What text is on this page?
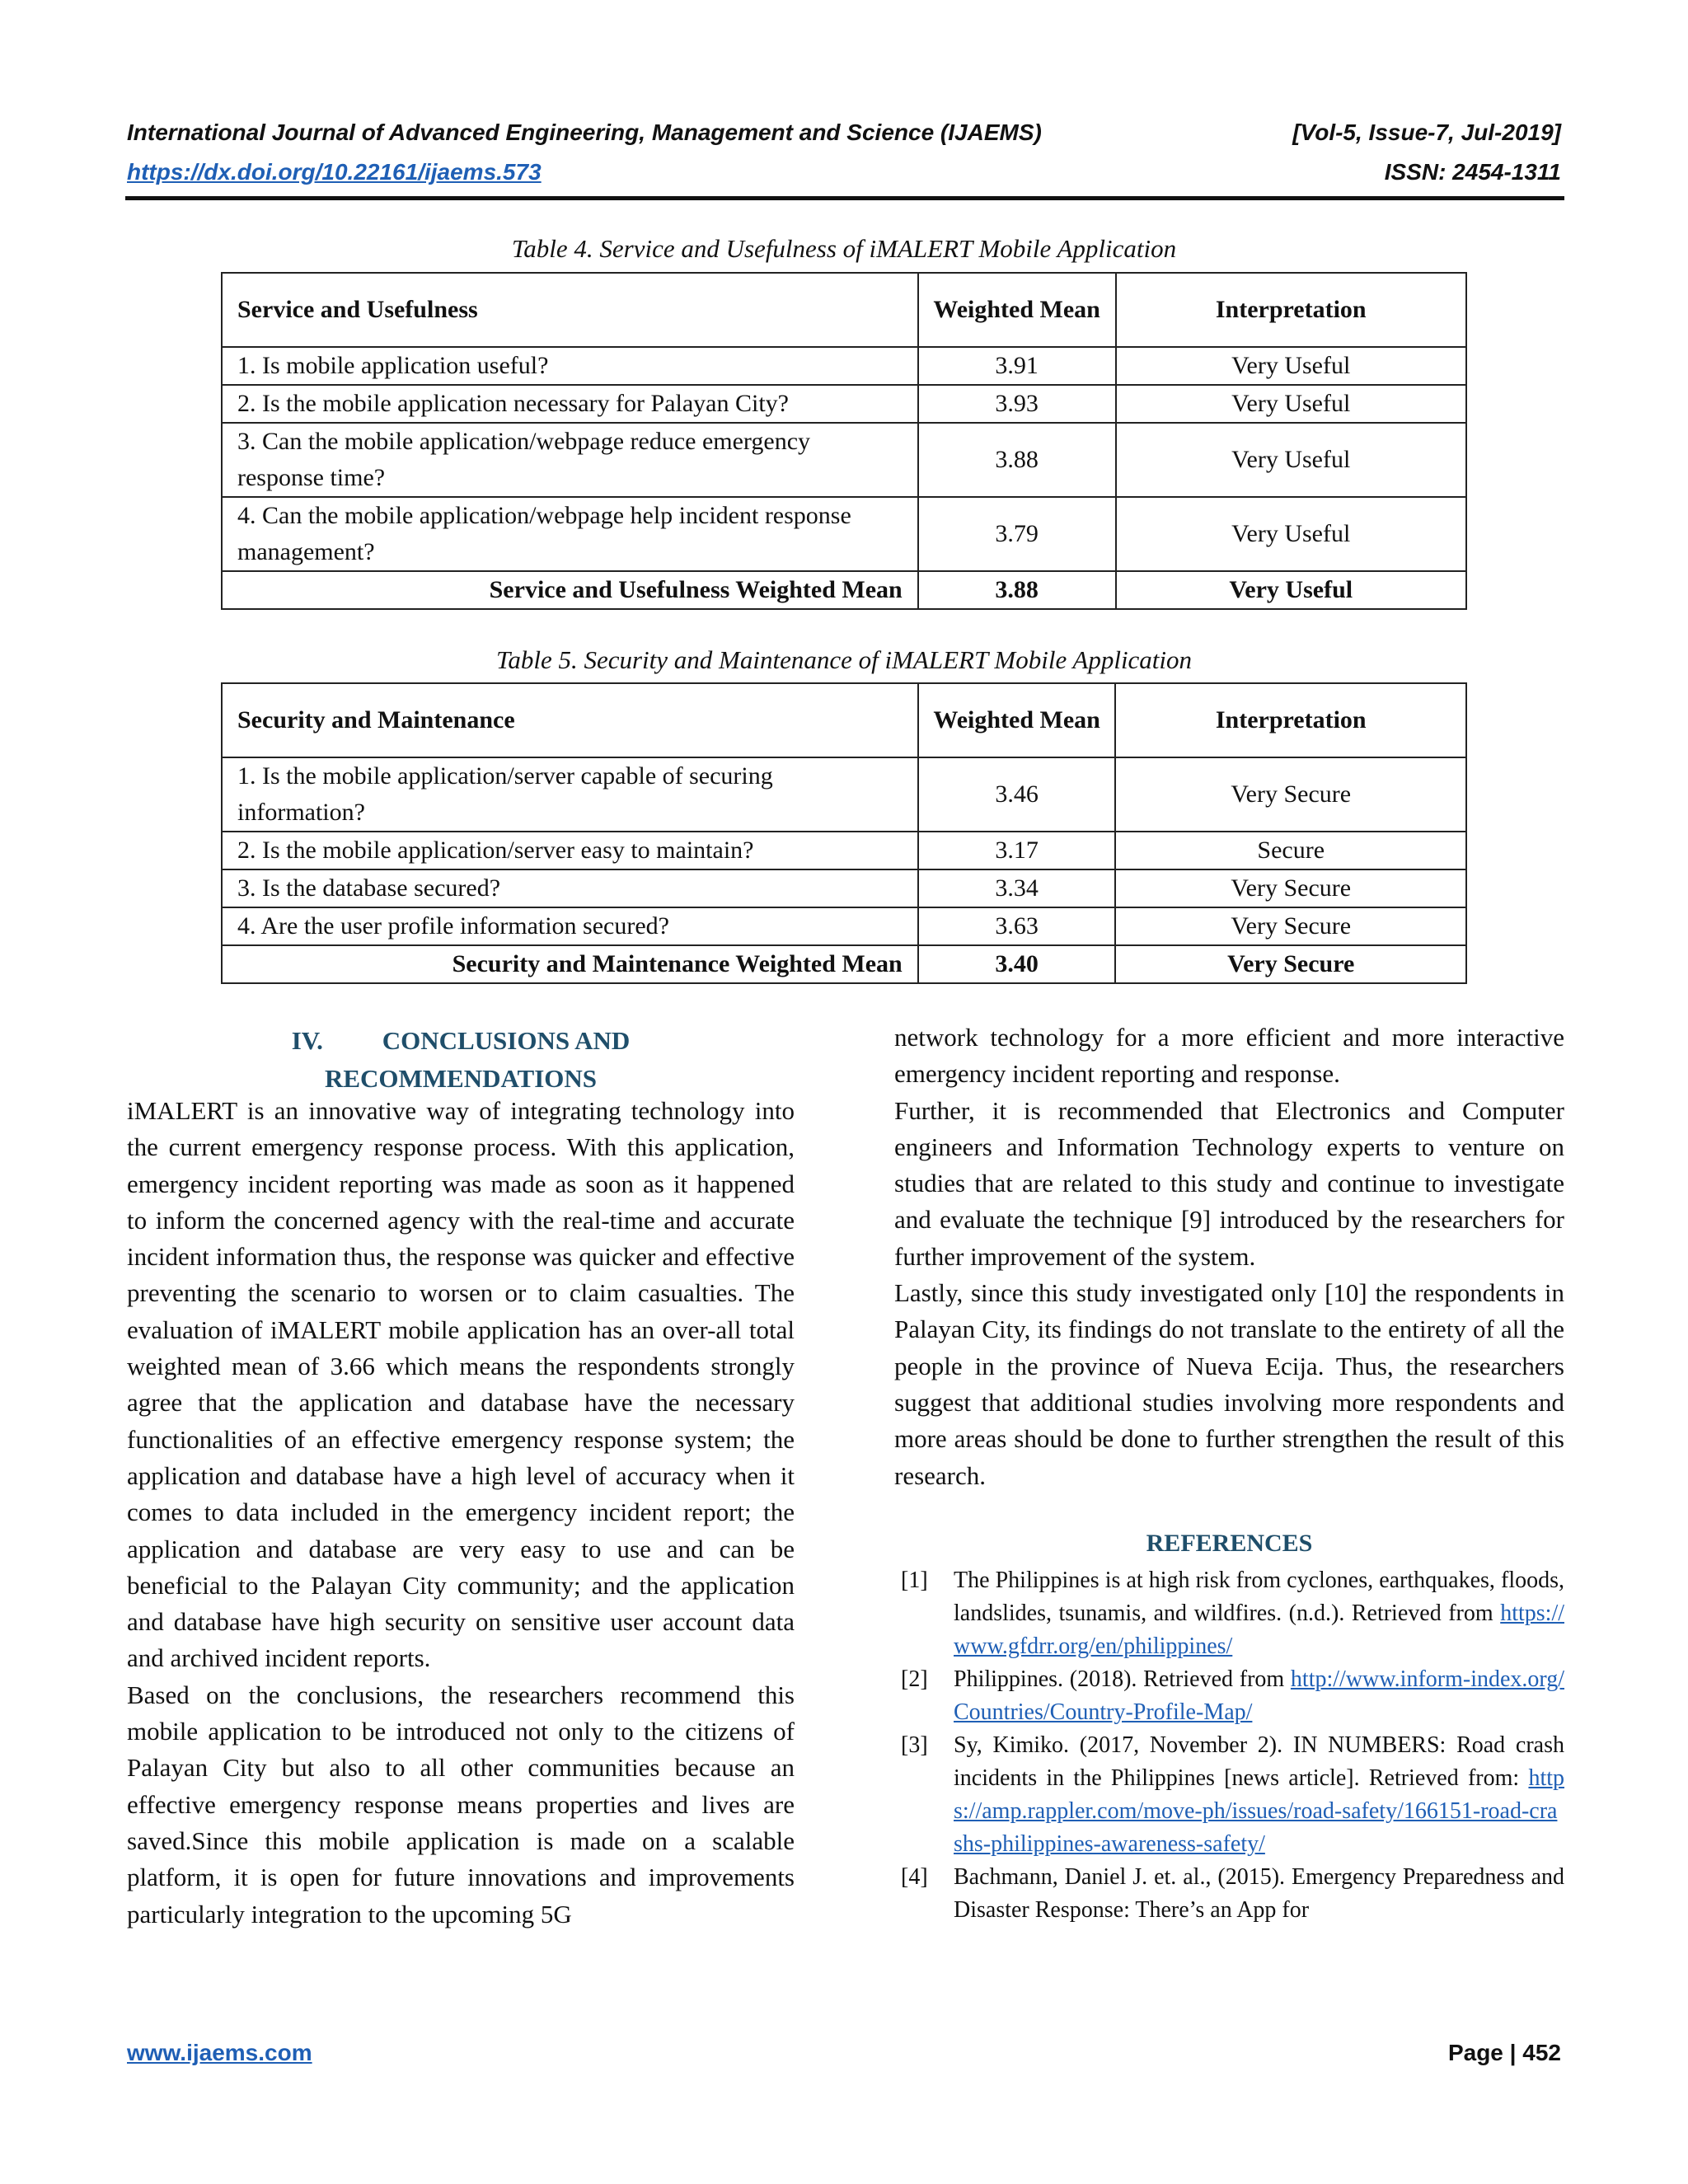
International Journal of Advanced Engineering, Management and Science (IJAEMS)	[Vol-5, Issue-7, Jul-2019]
https://dx.doi.org/10.22161/ijaems.573	ISSN: 2454-1311
Table 4. Service and Usefulness of iMALERT Mobile Application
Service and Usefulness	Weighted Mean	Interpretation
1. Is mobile application useful?	3.91	Very Useful
2. Is the mobile application necessary for Palayan City?	3.93	Very Useful
3. Can the mobile application/webpage reduce emergency response time?	3.88	Very Useful
4. Can the mobile application/webpage help incident response management?	3.79	Very Useful
Service and Usefulness Weighted Mean	3.88	Very Useful
Table 5. Security and Maintenance of iMALERT Mobile Application
Security and Maintenance	Weighted Mean	Interpretation
1. Is the mobile application/server capable of securing information?	3.46	Very Secure
2. Is the mobile application/server easy to maintain?	3.17	Secure
3. Is the database secured?	3.34	Very Secure
4. Are the user profile information secured?	3.63	Very Secure
Security and Maintenance Weighted Mean	3.40	Very Secure
IV. CONCLUSIONS AND
RECOMMENDATIONS

iMALERT is an innovative way of integrating technology into the current emergency response process. With this application, emergency incident reporting was made as soon as it happened to inform the concerned agency with the real-time and accurate incident information thus, the response was quicker and effective preventing the scenario to worsen or to claim casualties. The evaluation of iMALERT mobile application has an over-all total weighted mean of 3.66 which means the respondents strongly agree that the application and database have the necessary functionalities of an effective emergency response system; the application and database have a high level of accuracy when it comes to data included in the emergency incident report; the application and database are very easy to use and can be beneficial to the Palayan City community; and the application and database have high security on sensitive user account data and archived incident reports.

Based on the conclusions, the researchers recommend this mobile application to be introduced not only to the citizens of Palayan City but also to all other communities because an effective emergency response means properties and lives are saved.Since this mobile application is made on a scalable platform, it is open for future innovations and improvements particularly integration to the upcoming 5G

network technology for a more efficient and more interactive emergency incident reporting and response.

Further, it is recommended that Electronics and Computer engineers and Information Technology experts to venture on studies that are related to this study and continue to investigate and evaluate the technique [9] introduced by the researchers for further improvement of the system.

Lastly, since this study investigated only [10] the respondents in Palayan City, its findings do not translate to the entirety of all the people in the province of Nueva Ecija. Thus, the researchers suggest that additional studies involving more respondents and more areas should be done to further strengthen the result of this research.

REFERENCES
[1] The Philippines is at high risk from cyclones, earthquakes, floods, landslides, tsunamis, and wildfires. (n.d.). Retrieved from https://www.gfdrr.org/en/philippines/
[2] Philippines. (2018). Retrieved from http://www.inform-index.org/Countries/Country-Profile-Map/
[3] Sy, Kimiko. (2017, November 2). IN NUMBERS: Road crash incidents in the Philippines [news article]. Retrieved from: https://amp.rappler.com/move-ph/issues/road-safety/166151-road-crashs-philippines-awareness-safety/
[4] Bachmann, Daniel J. et. al., (2015). Emergency Preparedness and Disaster Response: There’s an App for
www.ijaems.com	Page | 452
